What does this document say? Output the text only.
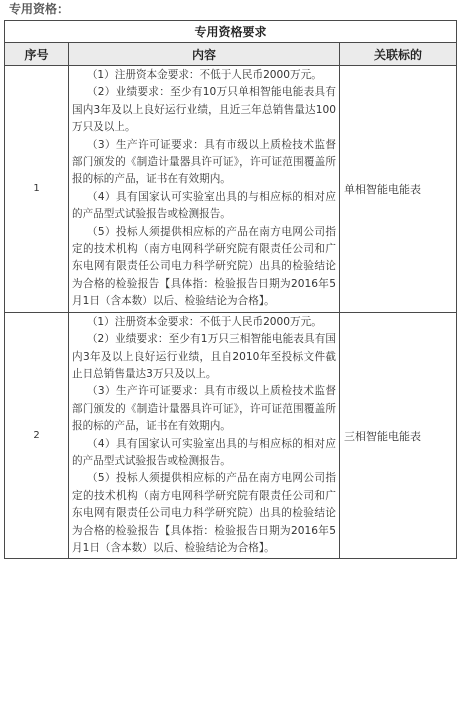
专用资格：
专用资格要求		
序号	内容	关联标的
1	（1）注册资本金要求：不低于人民币2000万元。

（2）业绩要求：至少有10万只单相智能电能表具有国内3年及以上良好运行业绩，且近三年总销售量达100万只及以上。

（3）生产许可证要求：具有市级以上质检技术监督部门颁发的《制造计量器具许可证》，许可证范围覆盖所报的标的产品，证书在有效期内。

（4）具有国家认可实验室出具的与相应标的相对应的产品型式试验报告或检测报告。

（5）投标人须提供相应标的产品在南方电网公司指定的技术机构（南方电网科学研究院有限责任公司和广东电网有限责任公司电力科学研究院）出具的检验结论为合格的检验报告【具体指：检验报告日期为2016年5月1日（含本数）以后、检验结论为合格】。	单相智能电能表
2	（1）注册资本金要求：不低于人民币2000万元。

（2）业绩要求：至少有1万只三相智能电能表具有国内3年及以上良好运行业绩，且自2010年至投标文件截止日总销售量达3万只及以上。

（3）生产许可证要求：具有市级以上质检技术监督部门颁发的《制造计量器具许可证》，许可证范围覆盖所报的标的产品，证书在有效期内。

（4）具有国家认可实验室出具的与相应标的相对应的产品型式试验报告或检测报告。

（5）投标人须提供相应标的产品在南方电网公司指定的技术机构（南方电网科学研究院有限责任公司和广东电网有限责任公司电力科学研究院）出具的检验结论为合格的检验报告【具体指：检验报告日期为2016年5月1日（含本数）以后、检验结论为合格】。	三相智能电能表
